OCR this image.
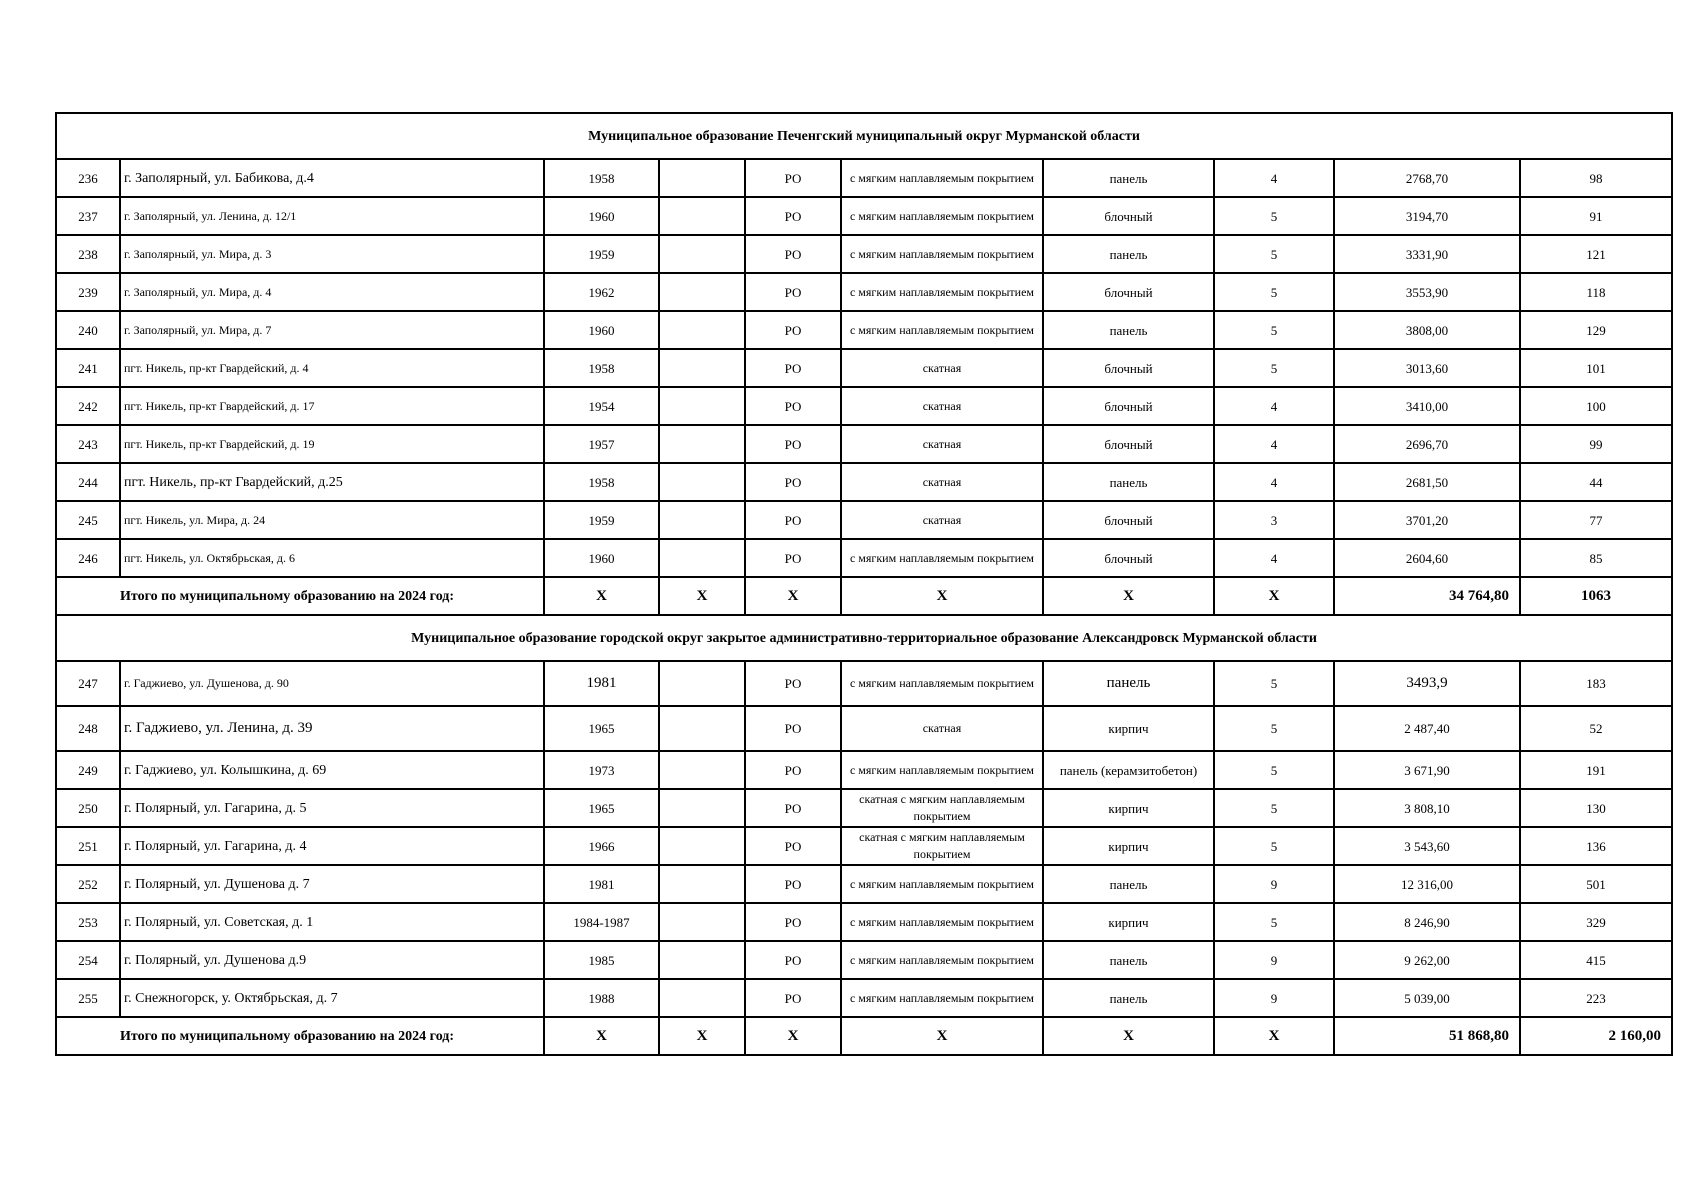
Муниципальное образование Печенгский муниципальный округ Мурманской области									
236	г. Заполярный, ул. Бабикова, д.4	1958		РО	с мягким наплавляемым покрытием	панель	4	2768,70	98
237	г. Заполярный, ул. Ленина, д. 12/1	1960		РО	с мягким наплавляемым покрытием	блочный	5	3194,70	91
238	г. Заполярный, ул. Мира, д. 3	1959		РО	с мягким наплавляемым покрытием	панель	5	3331,90	121
239	г. Заполярный, ул. Мира, д. 4	1962		РО	с мягким наплавляемым покрытием	блочный	5	3553,90	118
240	г. Заполярный, ул. Мира, д. 7	1960		РО	с мягким наплавляемым покрытием	панель	5	3808,00	129
241	пгт. Никель, пр-кт Гвардейский, д. 4	1958		РО	скатная	блочный	5	3013,60	101
242	пгт. Никель, пр-кт Гвардейский, д. 17	1954		РО	скатная	блочный	4	3410,00	100
243	пгт. Никель, пр-кт Гвардейский, д. 19	1957		РО	скатная	блочный	4	2696,70	99
244	пгт. Никель, пр-кт Гвардейский, д.25	1958		РО	скатная	панель	4	2681,50	44
245	пгт. Никель, ул. Мира, д. 24	1959		РО	скатная	блочный	3	3701,20	77
246	пгт. Никель, ул. Октябрьская, д. 6	1960		РО	с мягким наплавляемым покрытием	блочный	4	2604,60	85
Итого по муниципальному образованию на 2024 год:		X	X	X	X	X	X	34 764,80	1063
Муниципальное образование городской округ закрытое административно-территориальное образование Александровск Мурманской области									
247	г. Гаджиево, ул. Душенова, д. 90	1981		РО	с мягким наплавляемым покрытием	панель	5	3493,9	183
248	г. Гаджиево, ул. Ленина, д. 39	1965		РО	скатная	кирпич	5	2 487,40	52
249	г. Гаджиево, ул. Колышкина, д. 69	1973		РО	с мягким наплавляемым покрытием	панель (керамзитобетон)	5	3 671,90	191
250	г. Полярный, ул. Гагарина, д. 5	1965		РО	скатная с мягким наплавляемым покрытием	кирпич	5	3 808,10	130
251	г. Полярный, ул. Гагарина, д. 4	1966		РО	скатная с мягким наплавляемым покрытием	кирпич	5	3 543,60	136
252	г. Полярный, ул. Душенова д. 7	1981		РО	с мягким наплавляемым покрытием	панель	9	12 316,00	501
253	г. Полярный, ул. Советская, д. 1	1984-1987		РО	с мягким наплавляемым покрытием	кирпич	5	8 246,90	329
254	г. Полярный, ул. Душенова д.9	1985		РО	с мягким наплавляемым покрытием	панель	9	9 262,00	415
255	г. Снежногорск, у. Октябрьская, д. 7	1988		РО	с мягким наплавляемым покрытием	панель	9	5 039,00	223
Итого по муниципальному образованию на 2024 год:		X	X	X	X	X	X	51 868,80	2 160,00
